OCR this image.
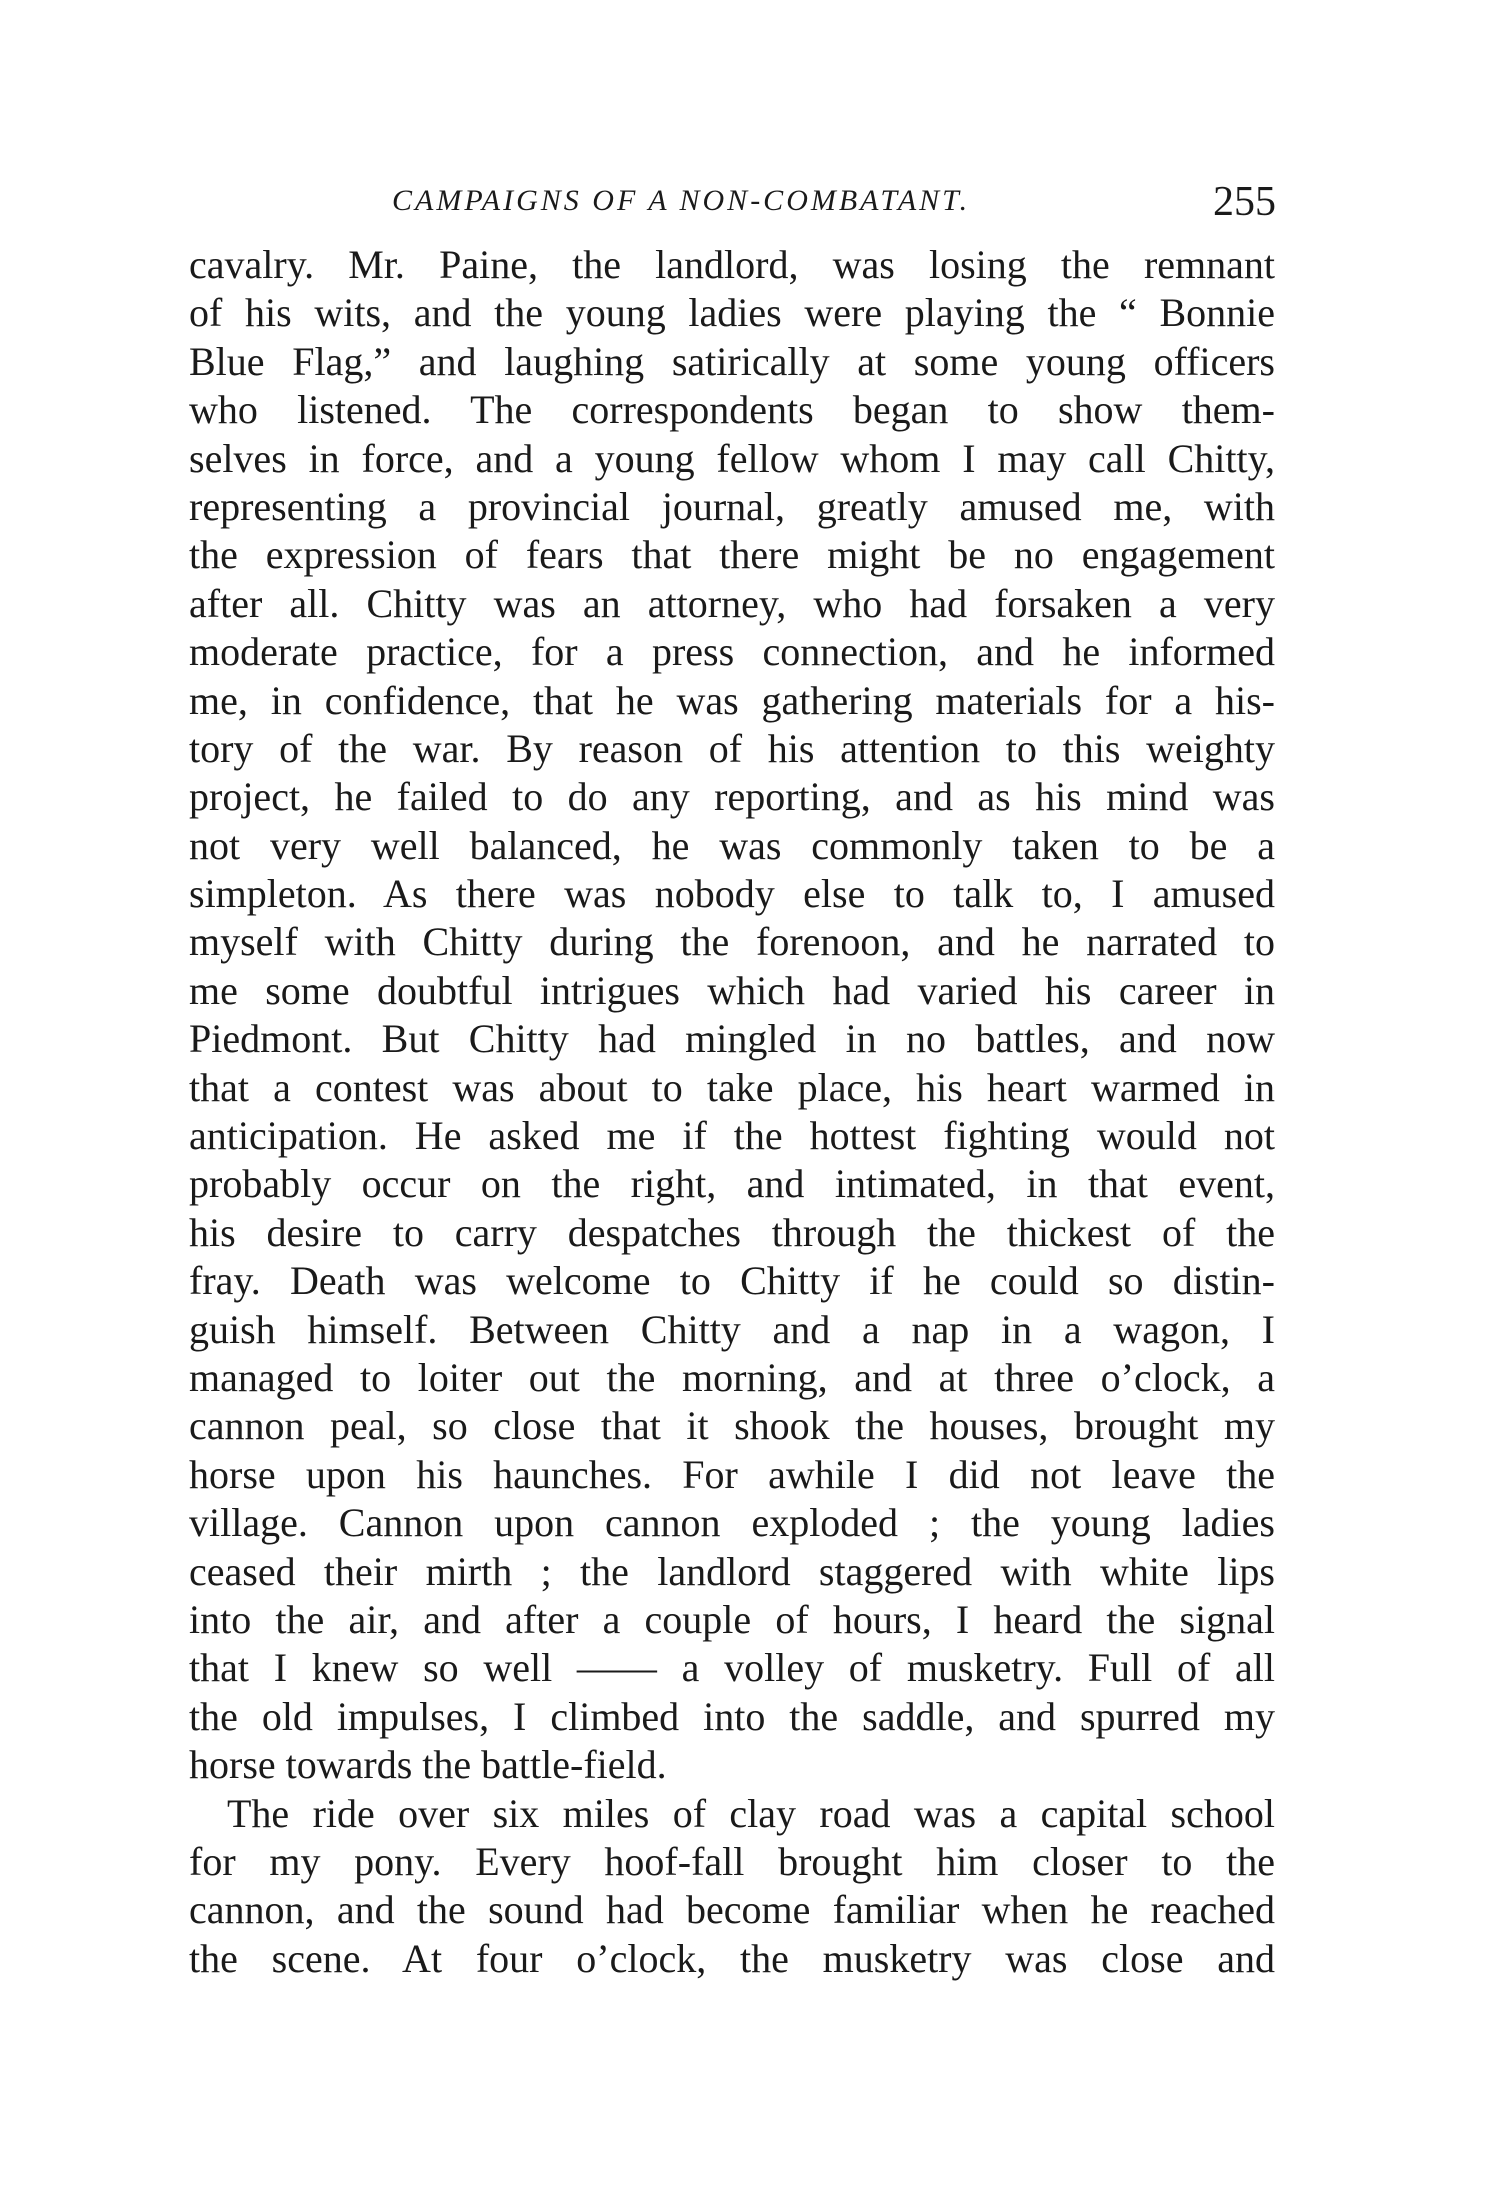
CAMPAIGNS OF A NON-COMBATANT.	255
cavalry. Mr. Paine, the landlord, was losing the remnant
of his wits, and the young ladies were playing the “ Bonnie
Blue Flag,” and laughing satirically at some young officers
who listened. The correspondents began to show them-
selves in force, and a young fellow whom I may call Chitty,
representing a provincial journal, greatly amused me, with
the expression of fears that there might be no engagement
after all. Chitty was an attorney, who had forsaken a very
moderate practice, for a press connection, and he informed
me, in confidence, that he was gathering materials for a his-
tory of the war. By reason of his attention to this weighty
project, he failed to do any reporting, and as his mind was
not very well balanced, he was commonly taken to be a
simpleton. As there was nobody else to talk to, I amused
myself with Chitty during the forenoon, and he narrated to
me some doubtful intrigues which had varied his career in
Piedmont. But Chitty had mingled in no battles, and now
that a contest was about to take place, his heart warmed in
anticipation. He asked me if the hottest fighting would not
probably occur on the right, and intimated, in that event,
his desire to carry despatches through the thickest of the
fray. Death was welcome to Chitty if he could so distin-
guish himself. Between Chitty and a nap in a wagon, I
managed to loiter out the morning, and at three o’clock, a
cannon peal, so close that it shook the houses, brought my
horse upon his haunches. For awhile I did not leave the
village. Cannon upon cannon exploded ; the young ladies
ceased their mirth ; the landlord staggered with white lips
into the air, and after a couple of hours, I heard the signal
that I knew so well —— a volley of musketry. Full of all
the old impulses, I climbed into the saddle, and spurred my
horse towards the battle-field.
The ride over six miles of clay road was a capital school
for my pony. Every hoof-fall brought him closer to the
cannon, and the sound had become familiar when he reached
the scene. At four o’clock, the musketry was close and
